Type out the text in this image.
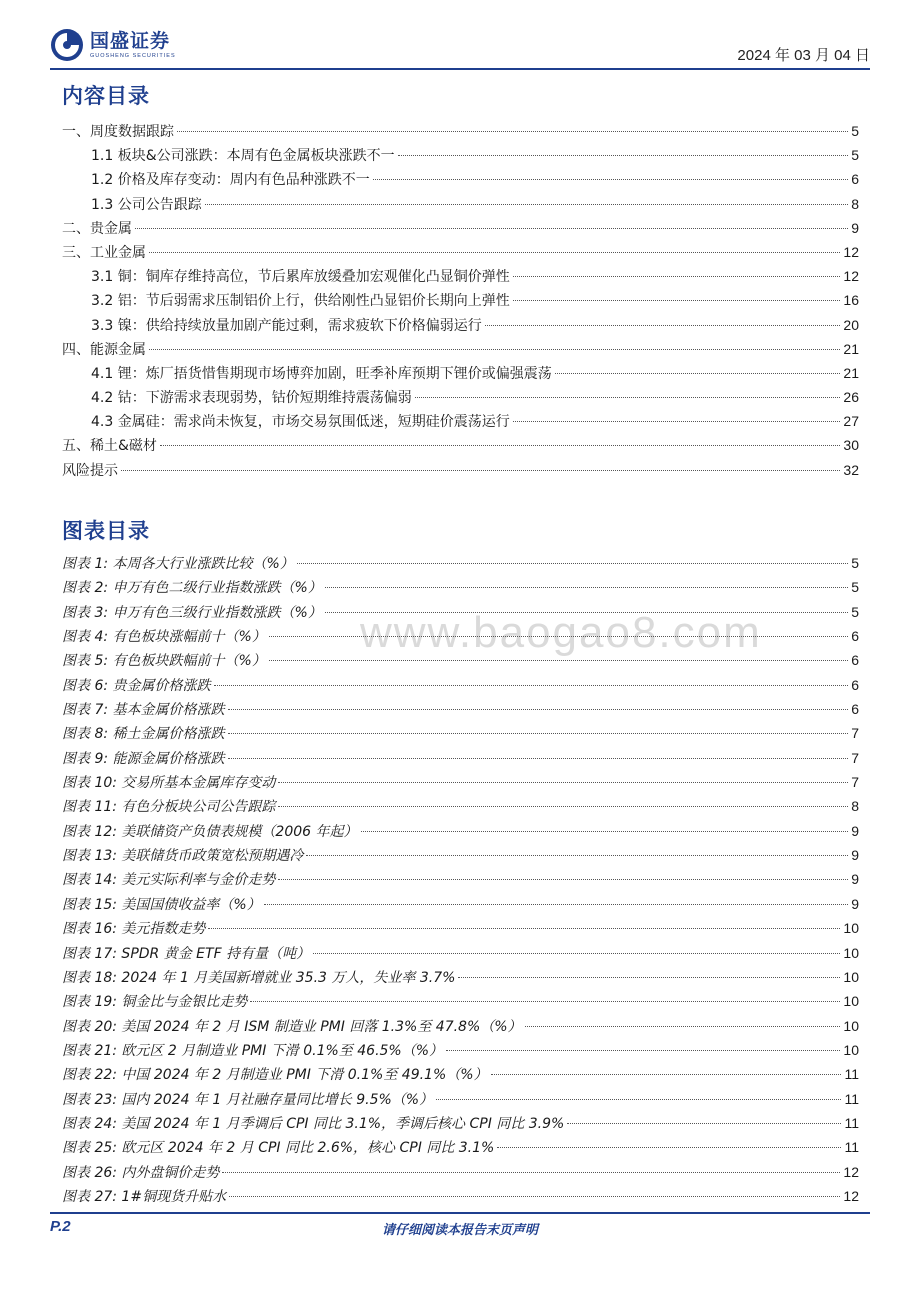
国盛证券
GUOSHENG SECURITIES	2024 年 03 月 04 日
内容目录
一、周度数据跟踪	5
1.1 板块&公司涨跌：本周有色金属板块涨跌不一	5
1.2 价格及库存变动：周内有色品种涨跌不一	6
1.3 公司公告跟踪	8
二、贵金属	9
三、工业金属	12
3.1 铜：铜库存维持高位，节后累库放缓叠加宏观催化凸显铜价弹性	12
3.2 铝：节后弱需求压制铝价上行，供给刚性凸显铝价长期向上弹性	16
3.3 镍：供给持续放量加剧产能过剩，需求疲软下价格偏弱运行	20
四、能源金属	21
4.1 锂：炼厂捂货惜售期现市场博弈加剧，旺季补库预期下锂价或偏强震荡	21
4.2 钴：下游需求表现弱势，钴价短期维持震荡偏弱	26
4.3 金属硅：需求尚未恢复，市场交易氛围低迷，短期硅价震荡运行	27
五、稀土&磁材	30
风险提示	32
www.baogao8.com
图表目录
图表 1: 本周各大行业涨跌比较（%）	5
图表 2: 申万有色二级行业指数涨跌（%）	5
图表 3: 申万有色三级行业指数涨跌（%）	5
图表 4: 有色板块涨幅前十（%）	6
图表 5: 有色板块跌幅前十（%）	6
图表 6: 贵金属价格涨跌	6
图表 7: 基本金属价格涨跌	6
图表 8: 稀土金属价格涨跌	7
图表 9: 能源金属价格涨跌	7
图表 10: 交易所基本金属库存变动	7
图表 11: 有色分板块公司公告跟踪	8
图表 12: 美联储资产负债表规模（2006 年起）	9
图表 13: 美联储货币政策宽松预期遇冷	9
图表 14: 美元实际利率与金价走势	9
图表 15: 美国国债收益率（%）	9
图表 16: 美元指数走势	10
图表 17: SPDR 黄金 ETF 持有量（吨）	10
图表 18: 2024 年 1 月美国新增就业 35.3 万人，失业率 3.7%	10
图表 19: 铜金比与金银比走势	10
图表 20: 美国 2024 年 2 月 ISM 制造业 PMI 回落 1.3%至 47.8%（%）	10
图表 21: 欧元区 2 月制造业 PMI 下滑 0.1%至 46.5%（%）	10
图表 22: 中国 2024 年 2 月制造业 PMI 下滑 0.1%至 49.1%（%）	11
图表 23: 国内 2024 年 1 月社融存量同比增长 9.5%（%）	11
图表 24: 美国 2024 年 1 月季调后 CPI 同比 3.1%，季调后核心 CPI 同比 3.9%	11
图表 25: 欧元区 2024 年 2 月 CPI 同比 2.6%，核心 CPI 同比 3.1%	11
图表 26: 内外盘铜价走势	12
图表 27: 1#铜现货升贴水	12
P.2	请仔细阅读本报告末页声明
